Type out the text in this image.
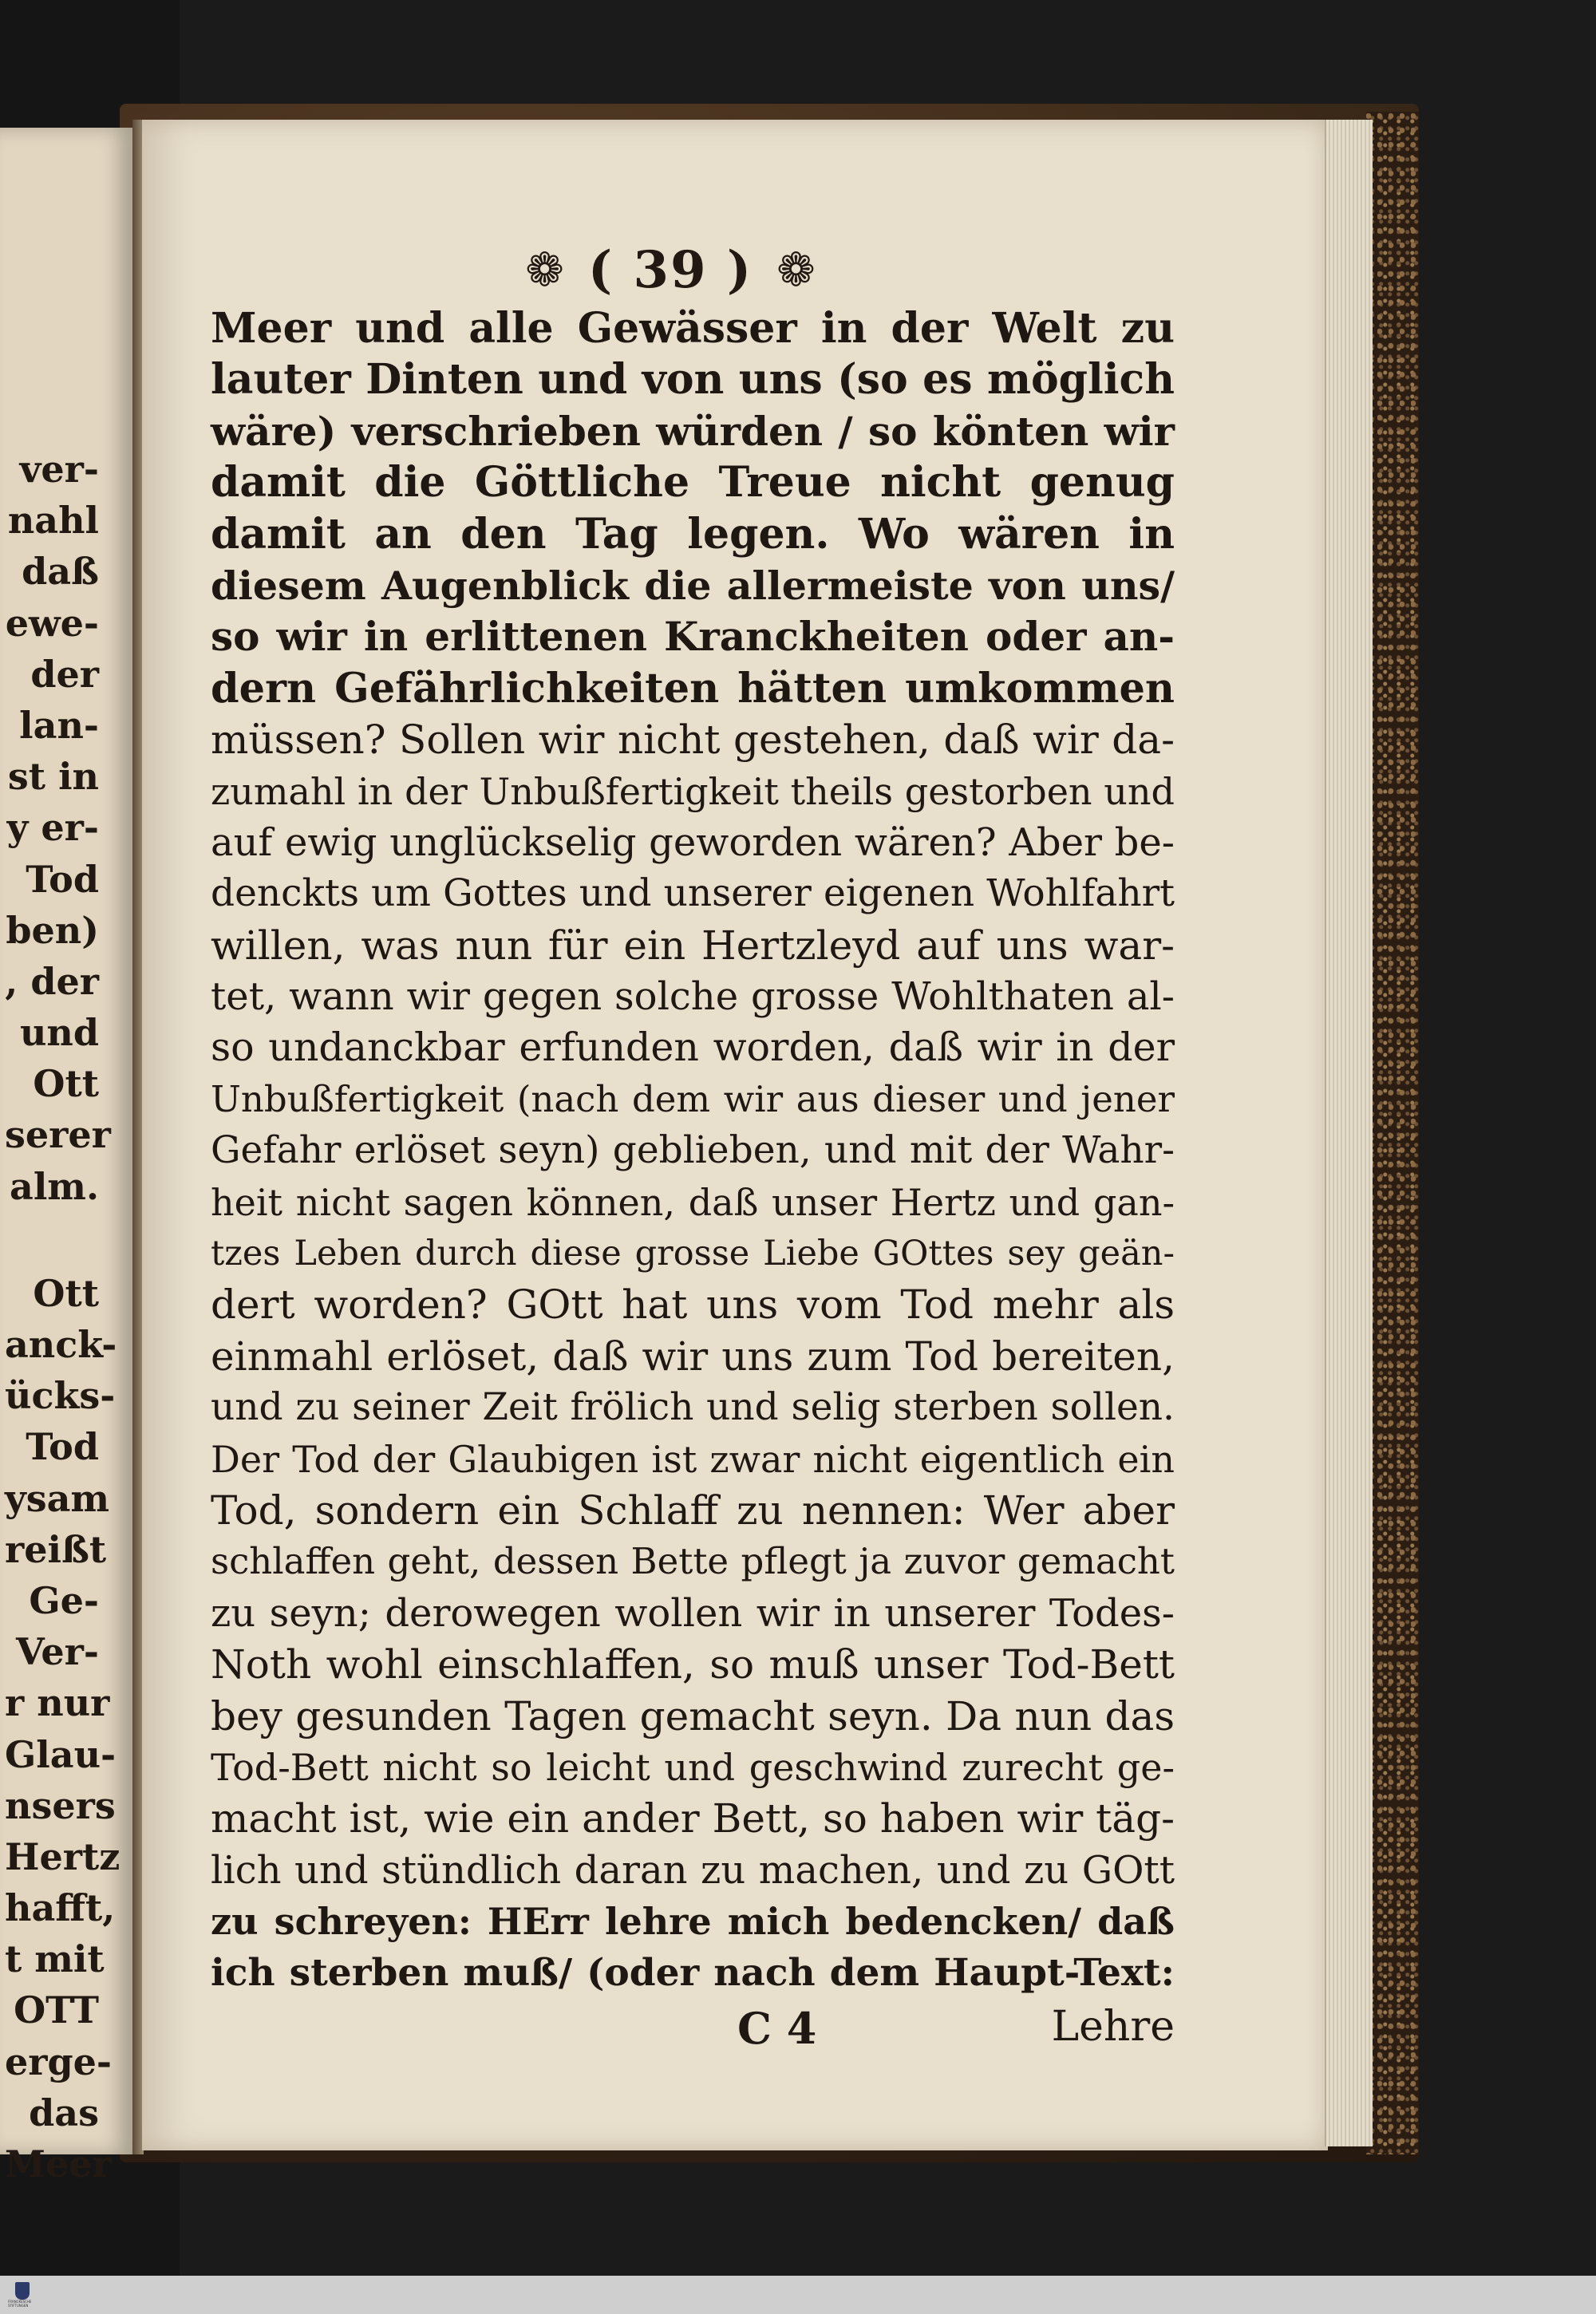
ver-
nahl
daß
ewe-
der
lan-
st in
y er-
Tod
ben)
, der
und
Ott
serer
alm.
Ott
anck-
ücks-
Tod
ysam
reißt
Ge-
Ver-
r nur
Glau-
nsers
Hertz
hafft,
t mit
OTT
erge-
das
Meer
❁ ( 39 ) ❁
Meer und alle Gewässer in der Welt zu
lauter Dinten und von uns (so es möglich
wäre) verschrieben würden / so könten wir
damit die Göttliche Treue nicht genug
damit an den Tag legen. Wo wären in
diesem Augenblick die allermeiste von uns/
so wir in erlittenen Kranckheiten oder an-
dern Gefährlichkeiten hätten umkommen
müssen? Sollen wir nicht gestehen, daß wir da-
zumahl in der Unbußfertigkeit theils gestorben und
auf ewig unglückselig geworden wären? Aber be-
denckts um Gottes und unserer eigenen Wohlfahrt
willen, was nun für ein Hertzleyd auf uns war-
tet, wann wir gegen solche grosse Wohlthaten al-
so undanckbar erfunden worden, daß wir in der
Unbußfertigkeit (nach dem wir aus dieser und jener
Gefahr erlöset seyn) geblieben, und mit der Wahr-
heit nicht sagen können, daß unser Hertz und gan-
tzes Leben durch diese grosse Liebe GOttes sey geän-
dert worden? GOtt hat uns vom Tod mehr als
einmahl erlöset, daß wir uns zum Tod bereiten,
und zu seiner Zeit frölich und selig sterben sollen.
Der Tod der Glaubigen ist zwar nicht eigentlich ein
Tod, sondern ein Schlaff zu nennen: Wer aber
schlaffen geht, dessen Bette pflegt ja zuvor gemacht
zu seyn; derowegen wollen wir in unserer Todes-
Noth wohl einschlaffen, so muß unser Tod-Bett
bey gesunden Tagen gemacht seyn. Da nun das
Tod-Bett nicht so leicht und geschwind zurecht ge-
macht ist, wie ein ander Bett, so haben wir täg-
lich und stündlich daran zu machen, und zu GOtt
zu schreyen: HErr lehre mich bedencken/ daß
ich sterben muß/ (oder nach dem Haupt-Text:
C 4	Lehre
FRANCKESCHE STIFTUNGEN
